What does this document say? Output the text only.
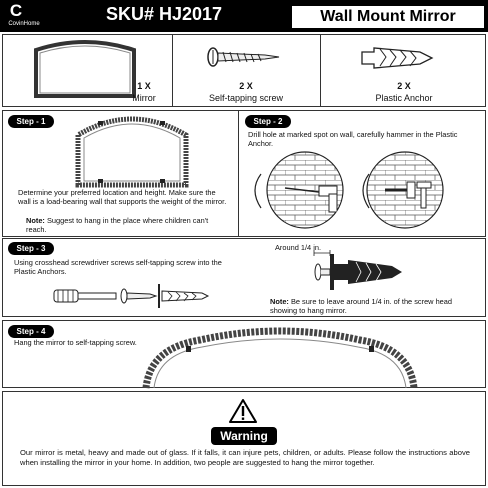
C
CovinHome	SKU# HJ2017	Wall Mount Mirror
1 X
Mirror
2 X
Self-tapping screw
2 X
Plastic Anchor
Step - 1
Determine your preferred location and height. Make sure the wall is a load-bearing wall that supports the weight of the mirror.
Note: Suggest to hang in the place where children can't reach.
Step - 2
Drill hole at marked spot on wall, carefully hammer in the Plastic Anchor.
Step - 3
Using crosshead screwdriver screws self-tapping screw into the Plastic Anchors.
Around 1/4 in.
Note: Be sure to leave around 1/4 in. of the screw head showing to hang mirror.
Step - 4
Hang the mirror to self-tapping screw.
Warning
Our mirror is metal, heavy and made out of glass. If it falls, it can injure pets, children, or adults. Please follow the instructions above when installing the mirror in your home. In addition, two people are suggested to hang the mirror together.
